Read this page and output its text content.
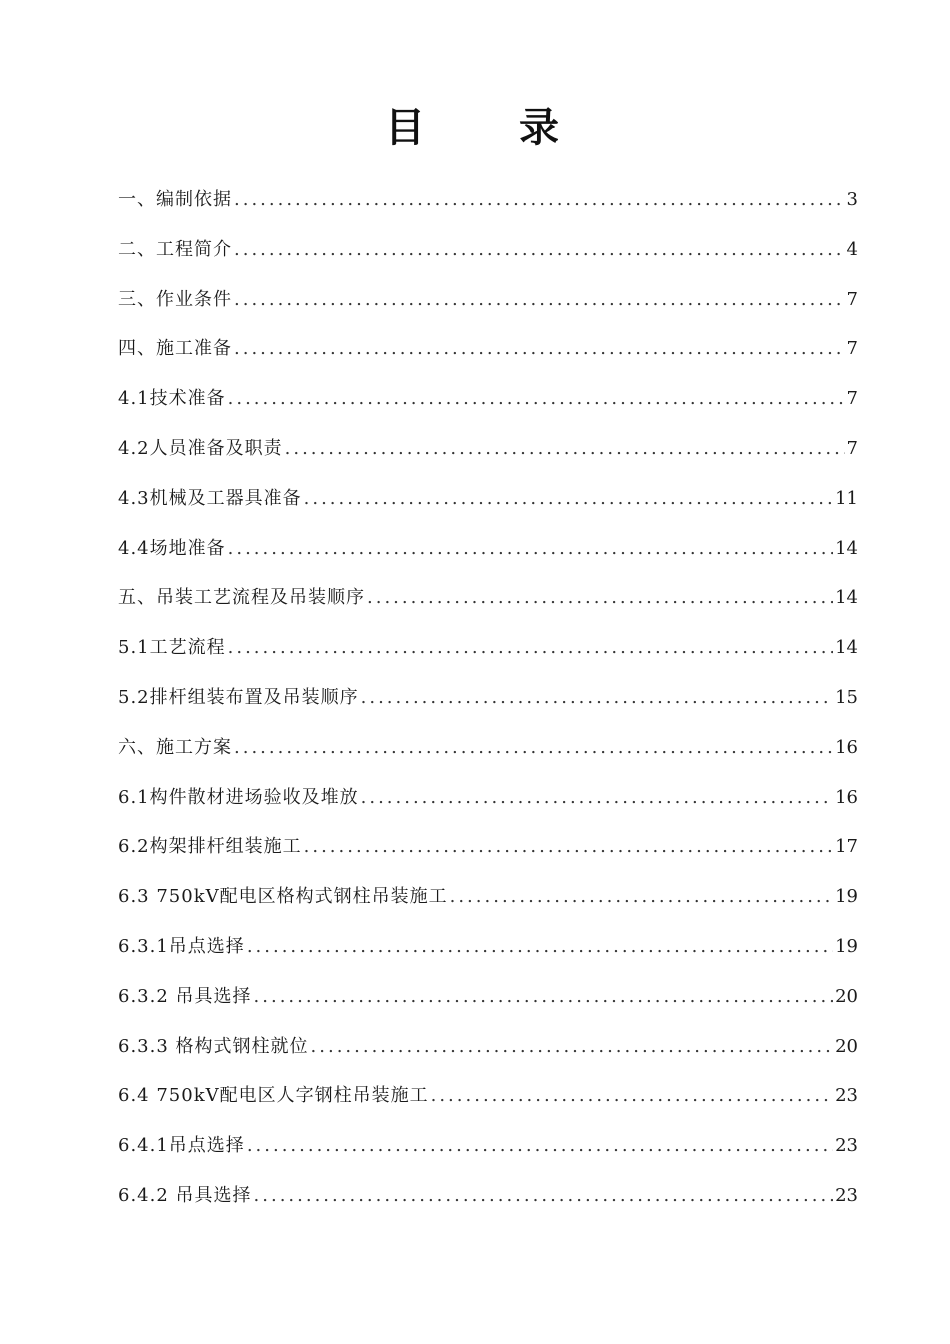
目 录
一、编制依据 .....	3
二、工程简介 .....	4
三、作业条件 .....	7
四、施工准备 .....	7
4.1技术准备 .....	7
4.2人员准备及职责 .....	7
4.3机械及工器具准备 .....	11
4.4场地准备 .....	14
五、吊装工艺流程及吊装顺序 .....	14
5.1工艺流程 .....	14
5.2排杆组装布置及吊装顺序 .....	15
六、施工方案 .....	16
6.1构件散材进场验收及堆放 .....	16
6.2构架排杆组装施工 .....	17
6.3 750kV配电区格构式钢柱吊装施工 .....	19
6.3.1吊点选择 .....	19
6.3.2 吊具选择 .....	20
6.3.3 格构式钢柱就位 .....	20
6.4 750kV配电区人字钢柱吊装施工 .....	23
6.4.1吊点选择 .....	23
6.4.2 吊具选择 .....	23
